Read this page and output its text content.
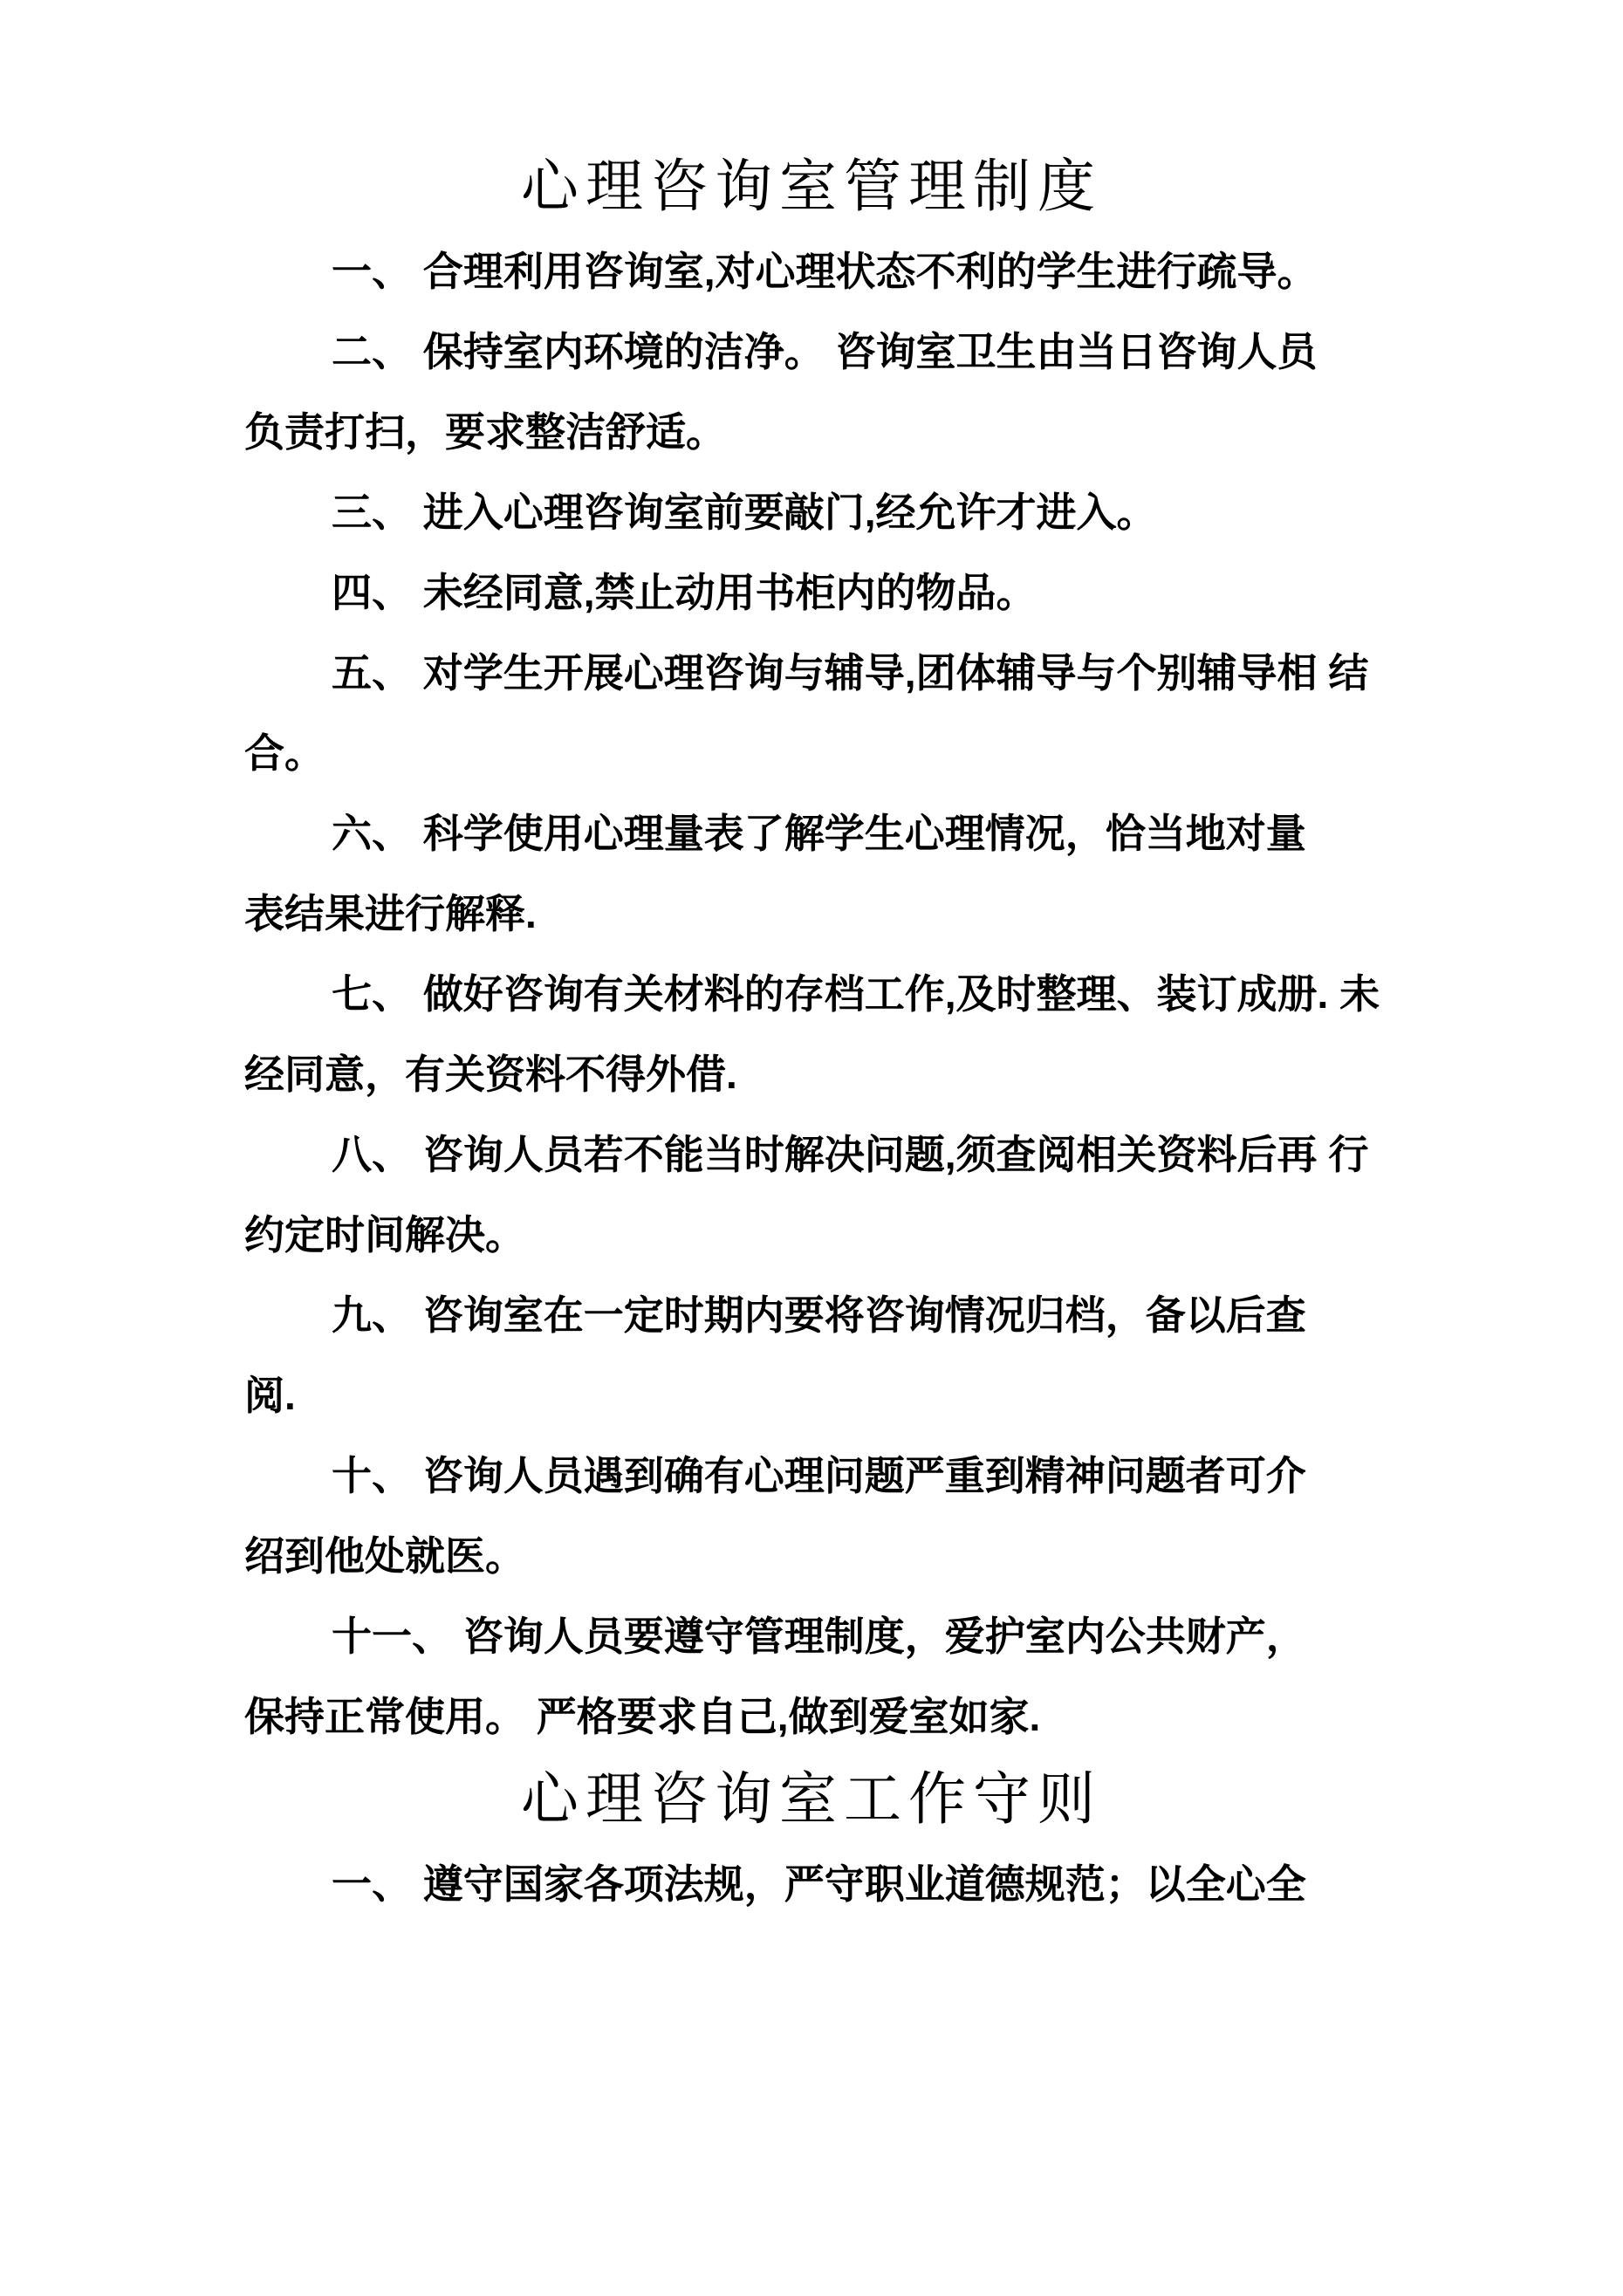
心理咨询室管理制度
一、 合理利用咨询室,对心理状态不利的学生进行疏导。
二、 保持室内环境的洁净。 咨询室卫生由当日咨询人员
负责打扫，要求整洁舒适。
三、 进入心理咨询室前要敲门,经允许才进入。
四、 未经同意,禁止动用书柜内的物品。
五、 对学生开展心理咨询与辅导,团体辅导与个别辅导相 结
合。
六、 科学使用心理量表了解学生心理情况，恰当地对量
表结果进行解释.
七、 做好咨询有关材料的存档工作,及时整理、装订成册. 未
经同意，有关资料不得外借.
八、 咨询人员若不能当时解决问题,须查阅相关资料后再 行
约定时间解决。
九、 咨询室在一定时期内要将咨询情况归档，备以后查
阅.
十、 咨询人员遇到确有心理问题严重到精神问题者可介
绍到他处就医。
十一、 咨询人员要遵守管理制度，爱护室内公共财产，
保持正常使用。 严格要求自己,做到爱室如家.
心理咨询室工作守则
一、 遵守国家各项法规，严守职业道德规范；以全心全
